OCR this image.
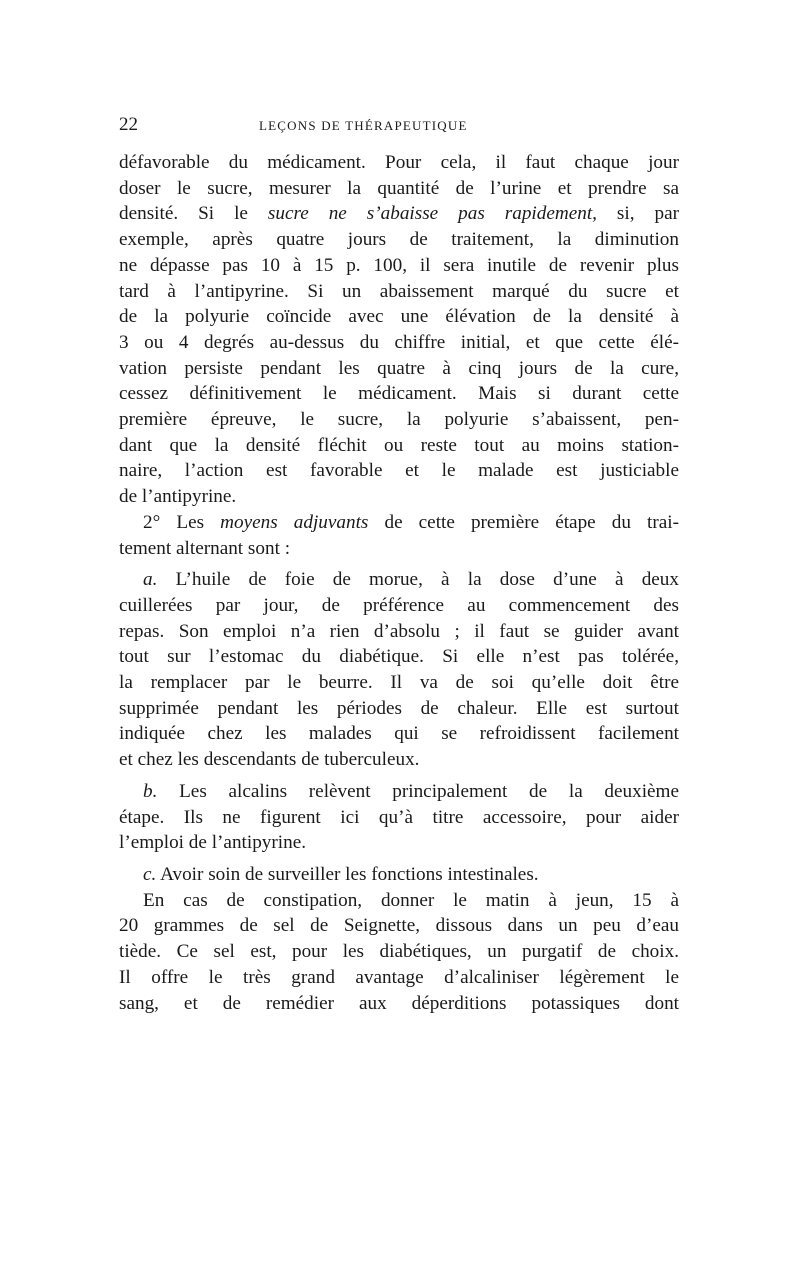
22	LEÇONS DE THÉRAPEUTIQUE

défavorable du médicament. Pour cela, il faut chaque jour
doser le sucre, mesurer la quantité de l’urine et prendre sa
densité. Si le sucre ne s’abaisse pas rapidement, si, par
exemple, après quatre jours de traitement, la diminution
ne dépasse pas 10 à 15 p. 100, il sera inutile de revenir plus
tard à l’antipyrine. Si un abaissement marqué du sucre et
de la polyurie coïncide avec une élévation de la densité à
3 ou 4 degrés au-dessus du chiffre initial, et que cette élé-
vation persiste pendant les quatre à cinq jours de la cure,
cessez définitivement le médicament. Mais si durant cette
première épreuve, le sucre, la polyurie s’abaissent, pen-
dant que la densité fléchit ou reste tout au moins station-
naire, l’action est favorable et le malade est justiciable
de l’antipyrine.

2° Les moyens adjuvants de cette première étape du trai-
tement alternant sont :

a. L’huile de foie de morue, à la dose d’une à deux
cuillerées par jour, de préférence au commencement des
repas. Son emploi n’a rien d’absolu ; il faut se guider avant
tout sur l’estomac du diabétique. Si elle n’est pas tolérée,
la remplacer par le beurre. Il va de soi qu’elle doit être
supprimée pendant les périodes de chaleur. Elle est surtout
indiquée chez les malades qui se refroidissent facilement
et chez les descendants de tuberculeux.

b. Les alcalins relèvent principalement de la deuxième
étape. Ils ne figurent ici qu’à titre accessoire, pour aider
l’emploi de l’antipyrine.

c. Avoir soin de surveiller les fonctions intestinales.

En cas de constipation, donner le matin à jeun, 15 à
20 grammes de sel de Seignette, dissous dans un peu d’eau
tiède. Ce sel est, pour les diabétiques, un purgatif de choix.
Il offre le très grand avantage d’alcaliniser légèrement le
sang, et de remédier aux déperditions potassiques dont
